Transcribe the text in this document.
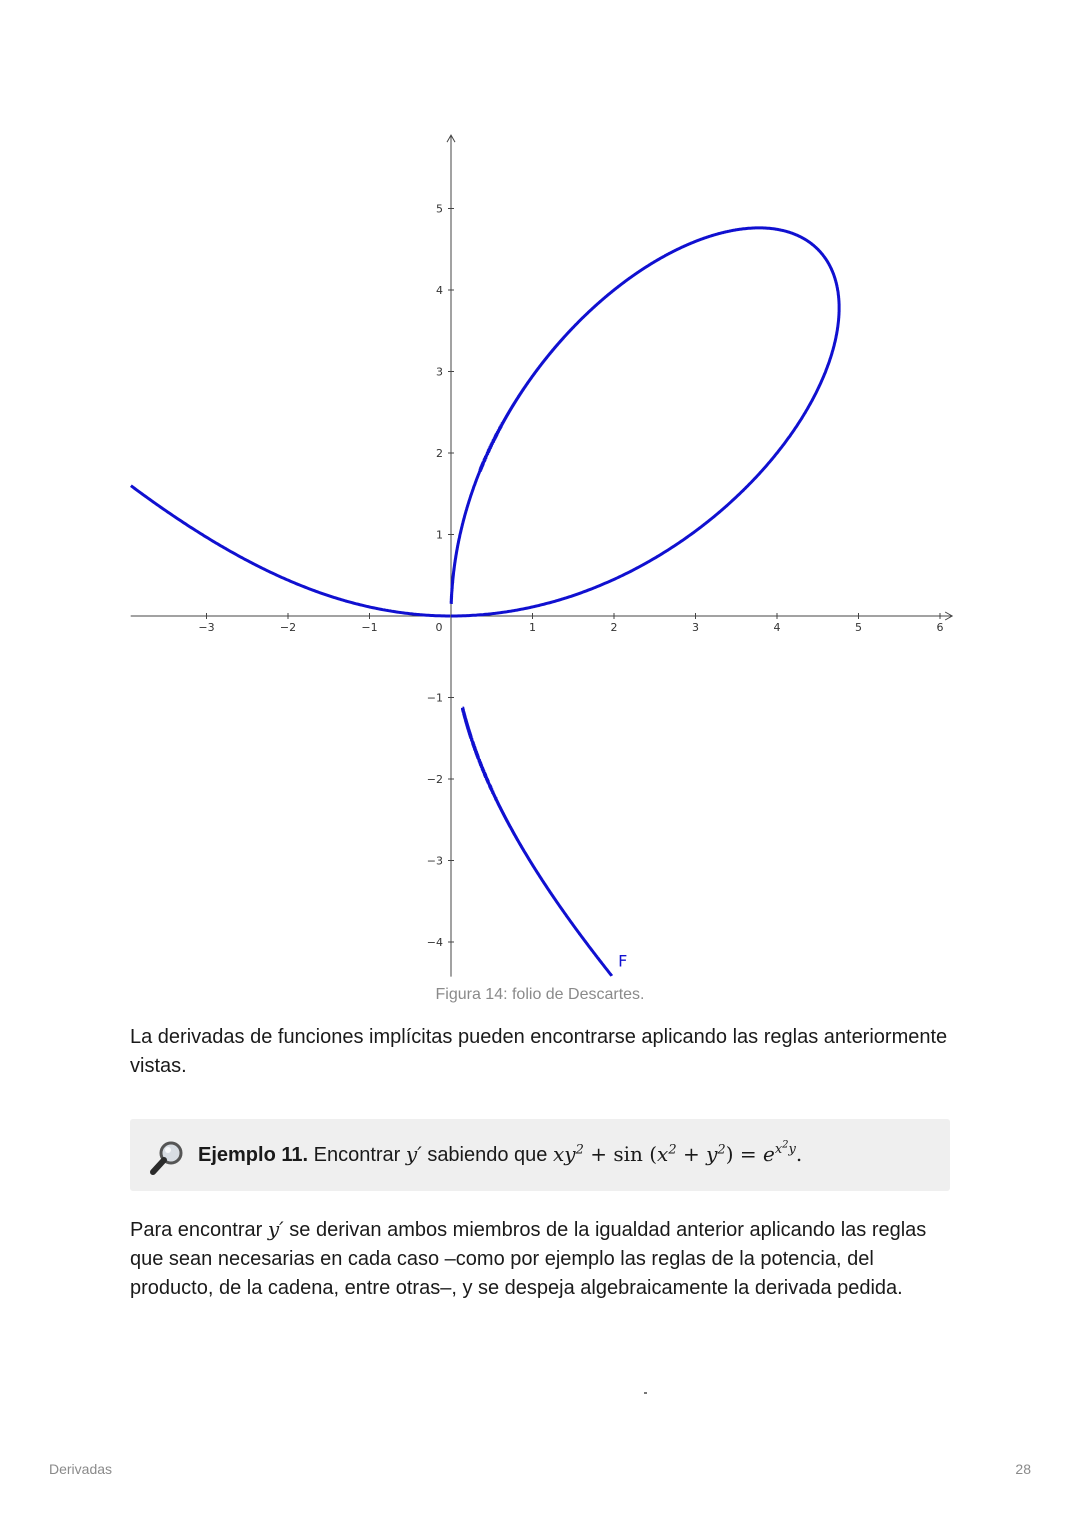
−3	−2	−1	0	1	2	3	4	5	6
−4
−3
−2
−1
1
2
3
4
5
F
Figura 14: folio de Descartes.

La derivadas de funciones implícitas pueden encontrarse aplicando las reglas anteriormente vistas.

Ejemplo 11. Encontrar y′ sabiendo que $xy^2 + \sin (x^2 + y^2) = e^{x^2y}$.

Para encontrar y′ se derivan ambos miembros de la igualdad anterior aplicando las reglas que sean necesarias en cada caso –como por ejemplo las reglas de la potencia, del producto, de la cadena, entre otras–, y se despeja algebraicamente la derivada pedida.

Derivadas	28
